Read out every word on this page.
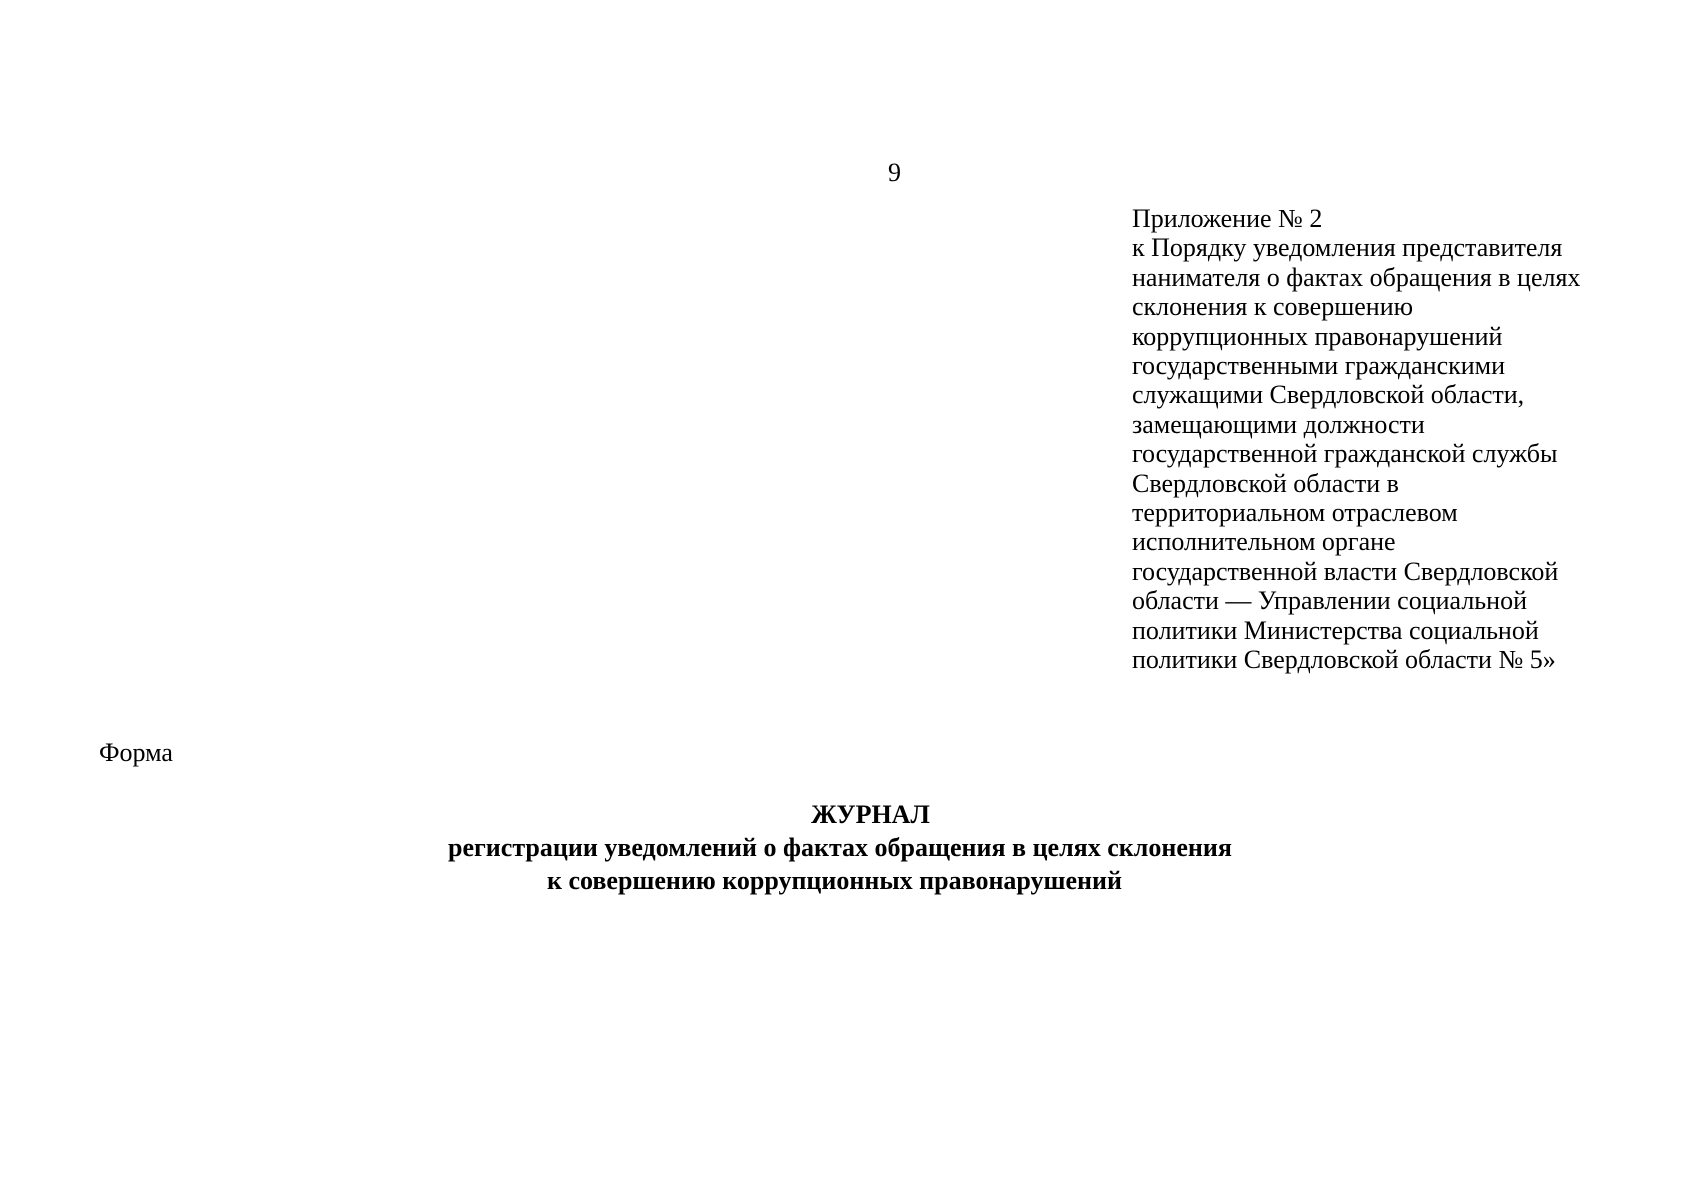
9
Приложение № 2
к Порядку уведомления представителя
нанимателя о фактах обращения в целях
склонения к совершению
коррупционных правонарушений
государственными гражданскими
служащими Свердловской области,
замещающими должности
государственной гражданской службы
Свердловской области в
территориальном отраслевом
исполнительном органе
государственной власти Свердловской
области — Управлении социальной
политики Министерства социальной
политики Свердловской области № 5»
Форма
ЖУРНАЛ
регистрации уведомлений о фактах обращения в целях склонения
к совершению коррупционных правонарушений
